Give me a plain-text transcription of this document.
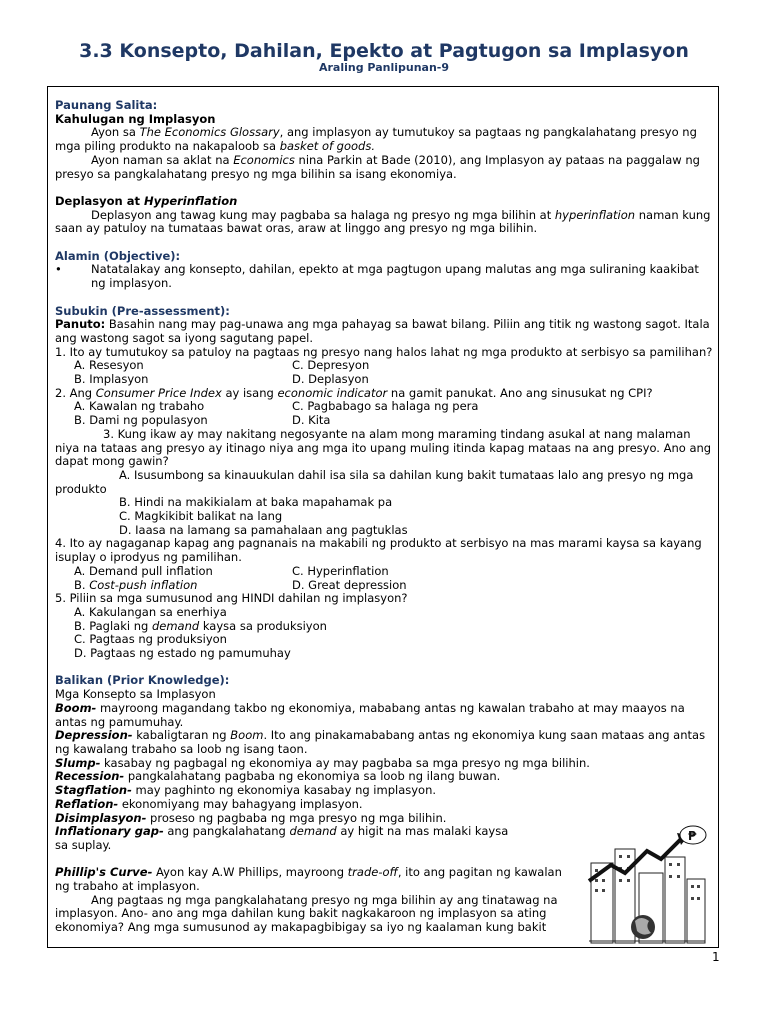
3.3 Konsepto, Dahilan, Epekto at Pagtugon sa Implasyon
Araling Panlipunan-9

Paunang Salita:

Kahulugan ng Implasyon

Ayon sa The Economics Glossary, ang implasyon ay tumutukoy sa pagtaas ng pangkalahatang presyo ng mga piling produkto na nakapaloob sa basket of goods.

Ayon naman sa aklat na Economics nina Parkin at Bade (2010), ang Implasyon ay pataas na paggalaw ng presyo sa pangkalahatang presyo ng mga bilihin sa isang ekonomiya.

Deplasyon at Hyperinflation

Deplasyon ang tawag kung may pagbaba sa halaga ng presyo ng mga bilihin at hyperinflation naman kung saan ay patuloy na tumataas bawat oras, araw at linggo ang presyo ng mga bilihin.

Alamin (Objective):

•	Natatalakay ang konsepto, dahilan, epekto at mga pagtugon upang malutas ang mga suliraning kaakibat ng implasyon.

Subukin (Pre-assessment):

Panuto: Basahin nang may pag-unawa ang mga pahayag sa bawat bilang. Piliin ang titik ng wastong sagot. Itala ang wastong sagot sa iyong sagutang papel.

1. Ito ay tumutukoy sa patuloy na pagtaas ng presyo nang halos lahat ng mga produkto at serbisyo sa pamilihan?

A. Resesyon	C. Depresyon
B. Implasyon	D. Deplasyon

2. Ang Consumer Price Index ay isang economic indicator na gamit panukat. Ano ang sinusukat ng CPI?

A. Kawalan ng trabaho	C. Pagbabago sa halaga ng pera
B. Dami ng populasyon	D. Kita

3. Kung ikaw ay may nakitang negosyante na alam mong maraming tindang asukal at nang malaman niya na tataas ang presyo ay itinago niya ang mga ito upang muling itinda kapag mataas na ang presyo. Ano ang dapat mong gawin?

A. Isusumbong sa kinauukulan dahil isa sila sa dahilan kung bakit tumataas lalo ang presyo ng mga produkto

B. Hindi na makikialam at baka mapahamak pa

C. Magkikibit balikat na lang

D. Iaasa na lamang sa pamahalaan ang pagtuklas

4. Ito ay nagaganap kapag ang pagnanais na makabili ng produkto at serbisyo na mas marami kaysa sa kayang isuplay o iprodyus ng pamilihan.

A. Demand pull inflation	C. Hyperinflation
B. Cost-push inflation	D. Great depression

5. Piliin sa mga sumusunod ang HINDI dahilan ng implasyon?

A. Kakulangan sa enerhiya

B. Paglaki ng demand kaysa sa produksiyon

C. Pagtaas ng produksiyon

D. Pagtaas ng estado ng pamumuhay

Balikan (Prior Knowledge):

Mga Konsepto sa Implasyon

Boom- mayroong magandang takbo ng ekonomiya, mababang antas ng kawalan trabaho at may maayos na antas ng pamumuhay.

Depression- kabaligtaran ng Boom. Ito ang pinakamababang antas ng ekonomiya kung saan mataas ang antas ng kawalang trabaho sa loob ng isang taon.

Slump- kasabay ng pagbagal ng ekonomiya ay may pagbaba sa mga presyo ng mga bilihin.

Recession- pangkalahatang pagbaba ng ekonomiya sa loob ng ilang buwan.

Stagflation- may paghinto ng ekonomiya kasabay ng implasyon.

Reflation- ekonomiyang may bahagyang implasyon.

Disimplasyon- proseso ng pagbaba ng mga presyo ng mga bilihin.

Inflationary gap- ang pangkalahatang demand ay higit na mas malaki kaysa sa suplay.

Phillip's Curve- Ayon kay A.W Phillips, mayroong trade-off, ito ang pagitan ng kawalan ng trabaho at implasyon.

Ang pagtaas ng mga pangkalahatang presyo ng mga bilihin ay ang tinatawag na implasyon. Ano- ano ang mga dahilan kung bakit nagkakaroon ng implasyon sa ating ekonomiya? Ang mga sumusunod ay makapagbibigay sa iyo ng kaalaman kung bakit

₱
1
